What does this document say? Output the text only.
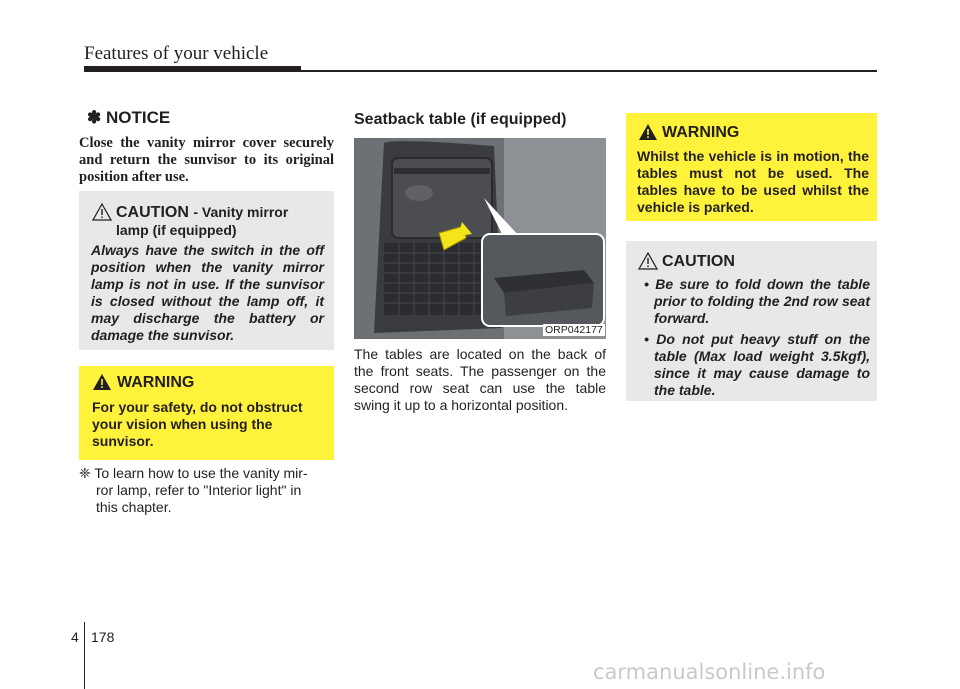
Features of your vehicle
✽ NOTICE
Close the vanity mirror cover securely and return the sunvisor to its original position after use.
CAUTION - Vanity mirror
lamp (if equipped)
Always have the switch in the off position when the vanity mirror lamp is not in use. If the sunvisor is closed without the lamp off, it may discharge the battery or damage the sunvisor.
WARNING
For your safety, do not obstruct your vision when using the sunvisor.
❈ To learn how to use the vanity mir-
ror lamp, refer to "Interior light" in
this chapter.
Seatback table (if equipped)
ORP042177
The tables are located on the back of the front seats. The passenger on the second row seat can use the table swing it up to a horizontal position.
WARNING
Whilst the vehicle is in motion, the tables must not be used. The tables have to be used whilst the vehicle is parked.
CAUTION
• Be sure to fold down the table prior to folding the 2nd row seat forward.
• Do not put heavy stuff on the table (Max load weight 3.5kgf), since it may cause damage to the table.
4 178
carmanualsonline.info
